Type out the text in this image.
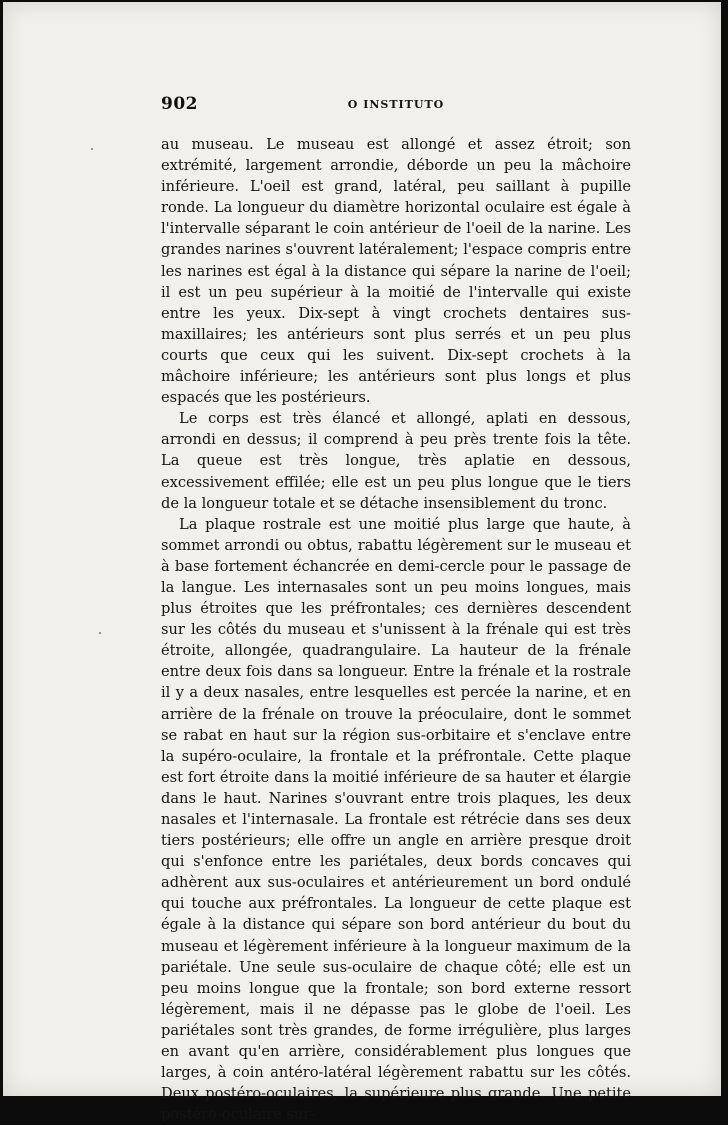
902	O INSTITUTO

au museau. Le museau est allongé et assez étroit; son extrémité, largement arrondie, déborde un peu la mâchoire inférieure. L'oeil est grand, latéral, peu saillant à pupille ronde. La longueur du diamètre horizontal oculaire est égale à l'intervalle séparant le coin antérieur de l'oeil de la narine. Les grandes narines s'ouvrent latéralement; l'espace compris entre les narines est égal à la distance qui sépare la narine de l'oeil; il est un peu supérieur à la moitié de l'intervalle qui existe entre les yeux. Dix-sept à vingt crochets dentaires sus-maxillaires; les antérieurs sont plus serrés et un peu plus courts que ceux qui les suivent. Dix-sept crochets à la mâchoire inférieure; les antérieurs sont plus longs et plus espacés que les postérieurs.

Le corps est très élancé et allongé, aplati en dessous, arrondi en dessus; il comprend à peu près trente fois la tête. La queue est très longue, très aplatie en dessous, excessivement effilée; elle est un peu plus longue que le tiers de la longueur totale et se détache insensiblement du tronc.

La plaque rostrale est une moitié plus large que haute, à sommet arrondi ou obtus, rabattu légèrement sur le museau et à base fortement échancrée en demi-cercle pour le passage de la langue. Les internasales sont un peu moins longues, mais plus étroites que les préfrontales; ces dernières descendent sur les côtés du museau et s'unissent à la frénale qui est très étroite, allongée, quadrangulaire. La hauteur de la frénale entre deux fois dans sa longueur. Entre la frénale et la rostrale il y a deux nasales, entre lesquelles est percée la narine, et en arrière de la frénale on trouve la préoculaire, dont le sommet se rabat en haut sur la région sus-orbitaire et s'enclave entre la supéro-oculaire, la frontale et la préfrontale. Cette plaque est fort étroite dans la moitié inférieure de sa hauter et élargie dans le haut. Narines s'ouvrant entre trois plaques, les deux nasales et l'internasale. La frontale est rétrécie dans ses deux tiers postérieurs; elle offre un angle en arrière presque droit qui s'enfonce entre les pariétales, deux bords concaves qui adhèrent aux sus-oculaires et antérieurement un bord ondulé qui touche aux préfrontales. La longueur de cette plaque est égale à la distance qui sépare son bord antérieur du bout du museau et légèrement inférieure à la longueur maximum de la pariétale. Une seule sus-oculaire de chaque côté; elle est un peu moins longue que la frontale; son bord externe ressort légèrement, mais il ne dépasse pas le globe de l'oeil. Les pariétales sont très grandes, de forme irrégulière, plus larges en avant qu'en arrière, considérablement plus longues que larges, à coin antéro-latéral légèrement rabattu sur les côtés. Deux postéro-oculaires, la supérieure plus grande. Une petite postéro-oculaire sur-
